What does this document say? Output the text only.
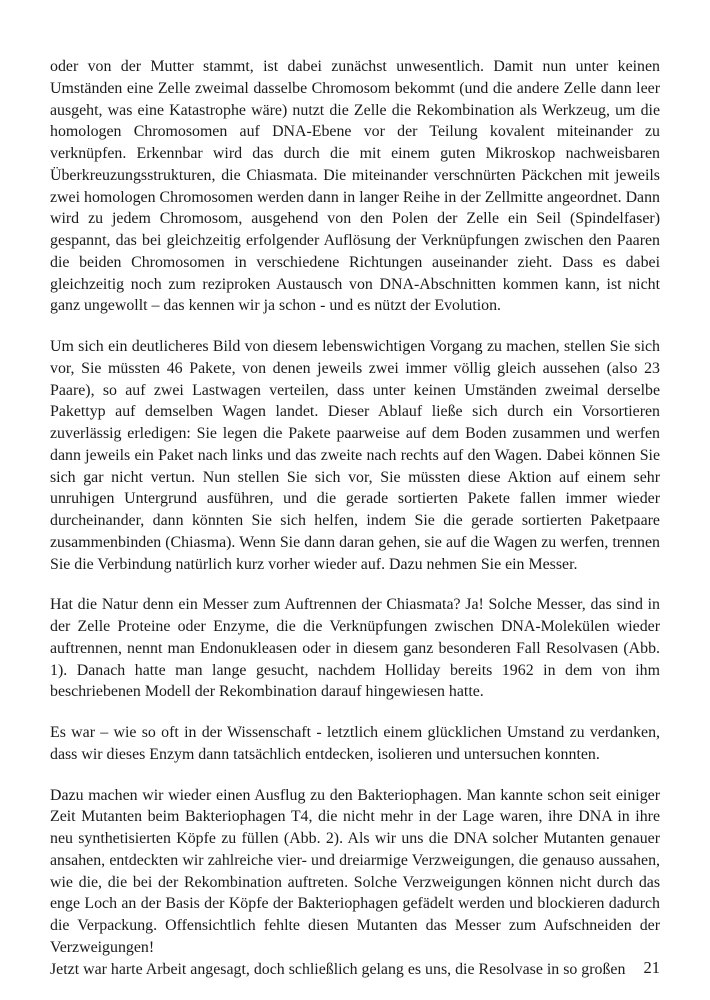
oder von der Mutter stammt, ist dabei zunächst unwesentlich. Damit nun unter keinen Umständen eine Zelle zweimal dasselbe Chromosom bekommt (und die andere Zelle dann leer ausgeht, was eine Katastrophe wäre) nutzt die Zelle die Rekombination als Werkzeug, um die homologen Chromosomen auf DNA-Ebene vor der Teilung kovalent miteinander zu verknüpfen. Erkennbar wird das durch die mit einem guten Mikroskop nachweisbaren Überkreuzungsstrukturen, die Chiasmata. Die miteinander verschnürten Päckchen mit jeweils zwei homologen Chromosomen werden dann in langer Reihe in der Zellmitte angeordnet. Dann wird zu jedem Chromosom, ausgehend von den Polen der Zelle ein Seil (Spindelfaser) gespannt, das bei gleichzeitig erfolgender Auflösung der Verknüpfungen zwischen den Paaren die beiden Chromosomen in verschiedene Richtungen auseinander zieht. Dass es dabei gleichzeitig noch zum reziproken Austausch von DNA-Abschnitten kommen kann, ist nicht ganz ungewollt – das kennen wir ja schon - und es nützt der Evolution.

Um sich ein deutlicheres Bild von diesem lebenswichtigen Vorgang zu machen, stellen Sie sich vor, Sie müssten 46 Pakete, von denen jeweils zwei immer völlig gleich aussehen (also 23 Paare), so auf zwei Lastwagen verteilen, dass unter keinen Umständen zweimal derselbe Pakettyp auf demselben Wagen landet. Dieser Ablauf ließe sich durch ein Vorsortieren zuverlässig erledigen: Sie legen die Pakete paarweise auf dem Boden zusammen und werfen dann jeweils ein Paket nach links und das zweite nach rechts auf den Wagen. Dabei können Sie sich gar nicht vertun. Nun stellen Sie sich vor, Sie müssten diese Aktion auf einem sehr unruhigen Untergrund ausführen, und die gerade sortierten Pakete fallen immer wieder durcheinander, dann könnten Sie sich helfen, indem Sie die gerade sortierten Paketpaare zusammenbinden (Chiasma). Wenn Sie dann daran gehen, sie auf die Wagen zu werfen, trennen Sie die Verbindung natürlich kurz vorher wieder auf. Dazu nehmen Sie ein Messer.

Hat die Natur denn ein Messer zum Auftrennen der Chiasmata? Ja! Solche Messer, das sind in der Zelle Proteine oder Enzyme, die die Verknüpfungen zwischen DNA-Molekülen wieder auftrennen, nennt man Endonukleasen oder in diesem ganz besonderen Fall Resolvasen (Abb. 1). Danach hatte man lange gesucht, nachdem Holliday bereits 1962 in dem von ihm beschriebenen Modell der Rekombination darauf hingewiesen hatte.

Es war – wie so oft in der Wissenschaft - letztlich einem glücklichen Umstand zu verdanken, dass wir dieses Enzym dann tatsächlich entdecken, isolieren und untersuchen konnten.

Dazu machen wir wieder einen Ausflug zu den Bakteriophagen. Man kannte schon seit einiger Zeit Mutanten beim Bakteriophagen T4, die nicht mehr in der Lage waren, ihre DNA in ihre neu synthetisierten Köpfe zu füllen (Abb. 2). Als wir uns die DNA solcher Mutanten genauer ansahen, entdeckten wir zahlreiche vier- und dreiarmige Verzweigungen, die genauso aussahen, wie die, die bei der Rekombination auftreten. Solche Verzweigungen können nicht durch das enge Loch an der Basis der Köpfe der Bakteriophagen gefädelt werden und blockieren dadurch die Verpackung. Offensichtlich fehlte diesen Mutanten das Messer zum Aufschneiden der Verzweigungen!

Jetzt war harte Arbeit angesagt, doch schließlich gelang es uns, die Resolvase in so großen	21
